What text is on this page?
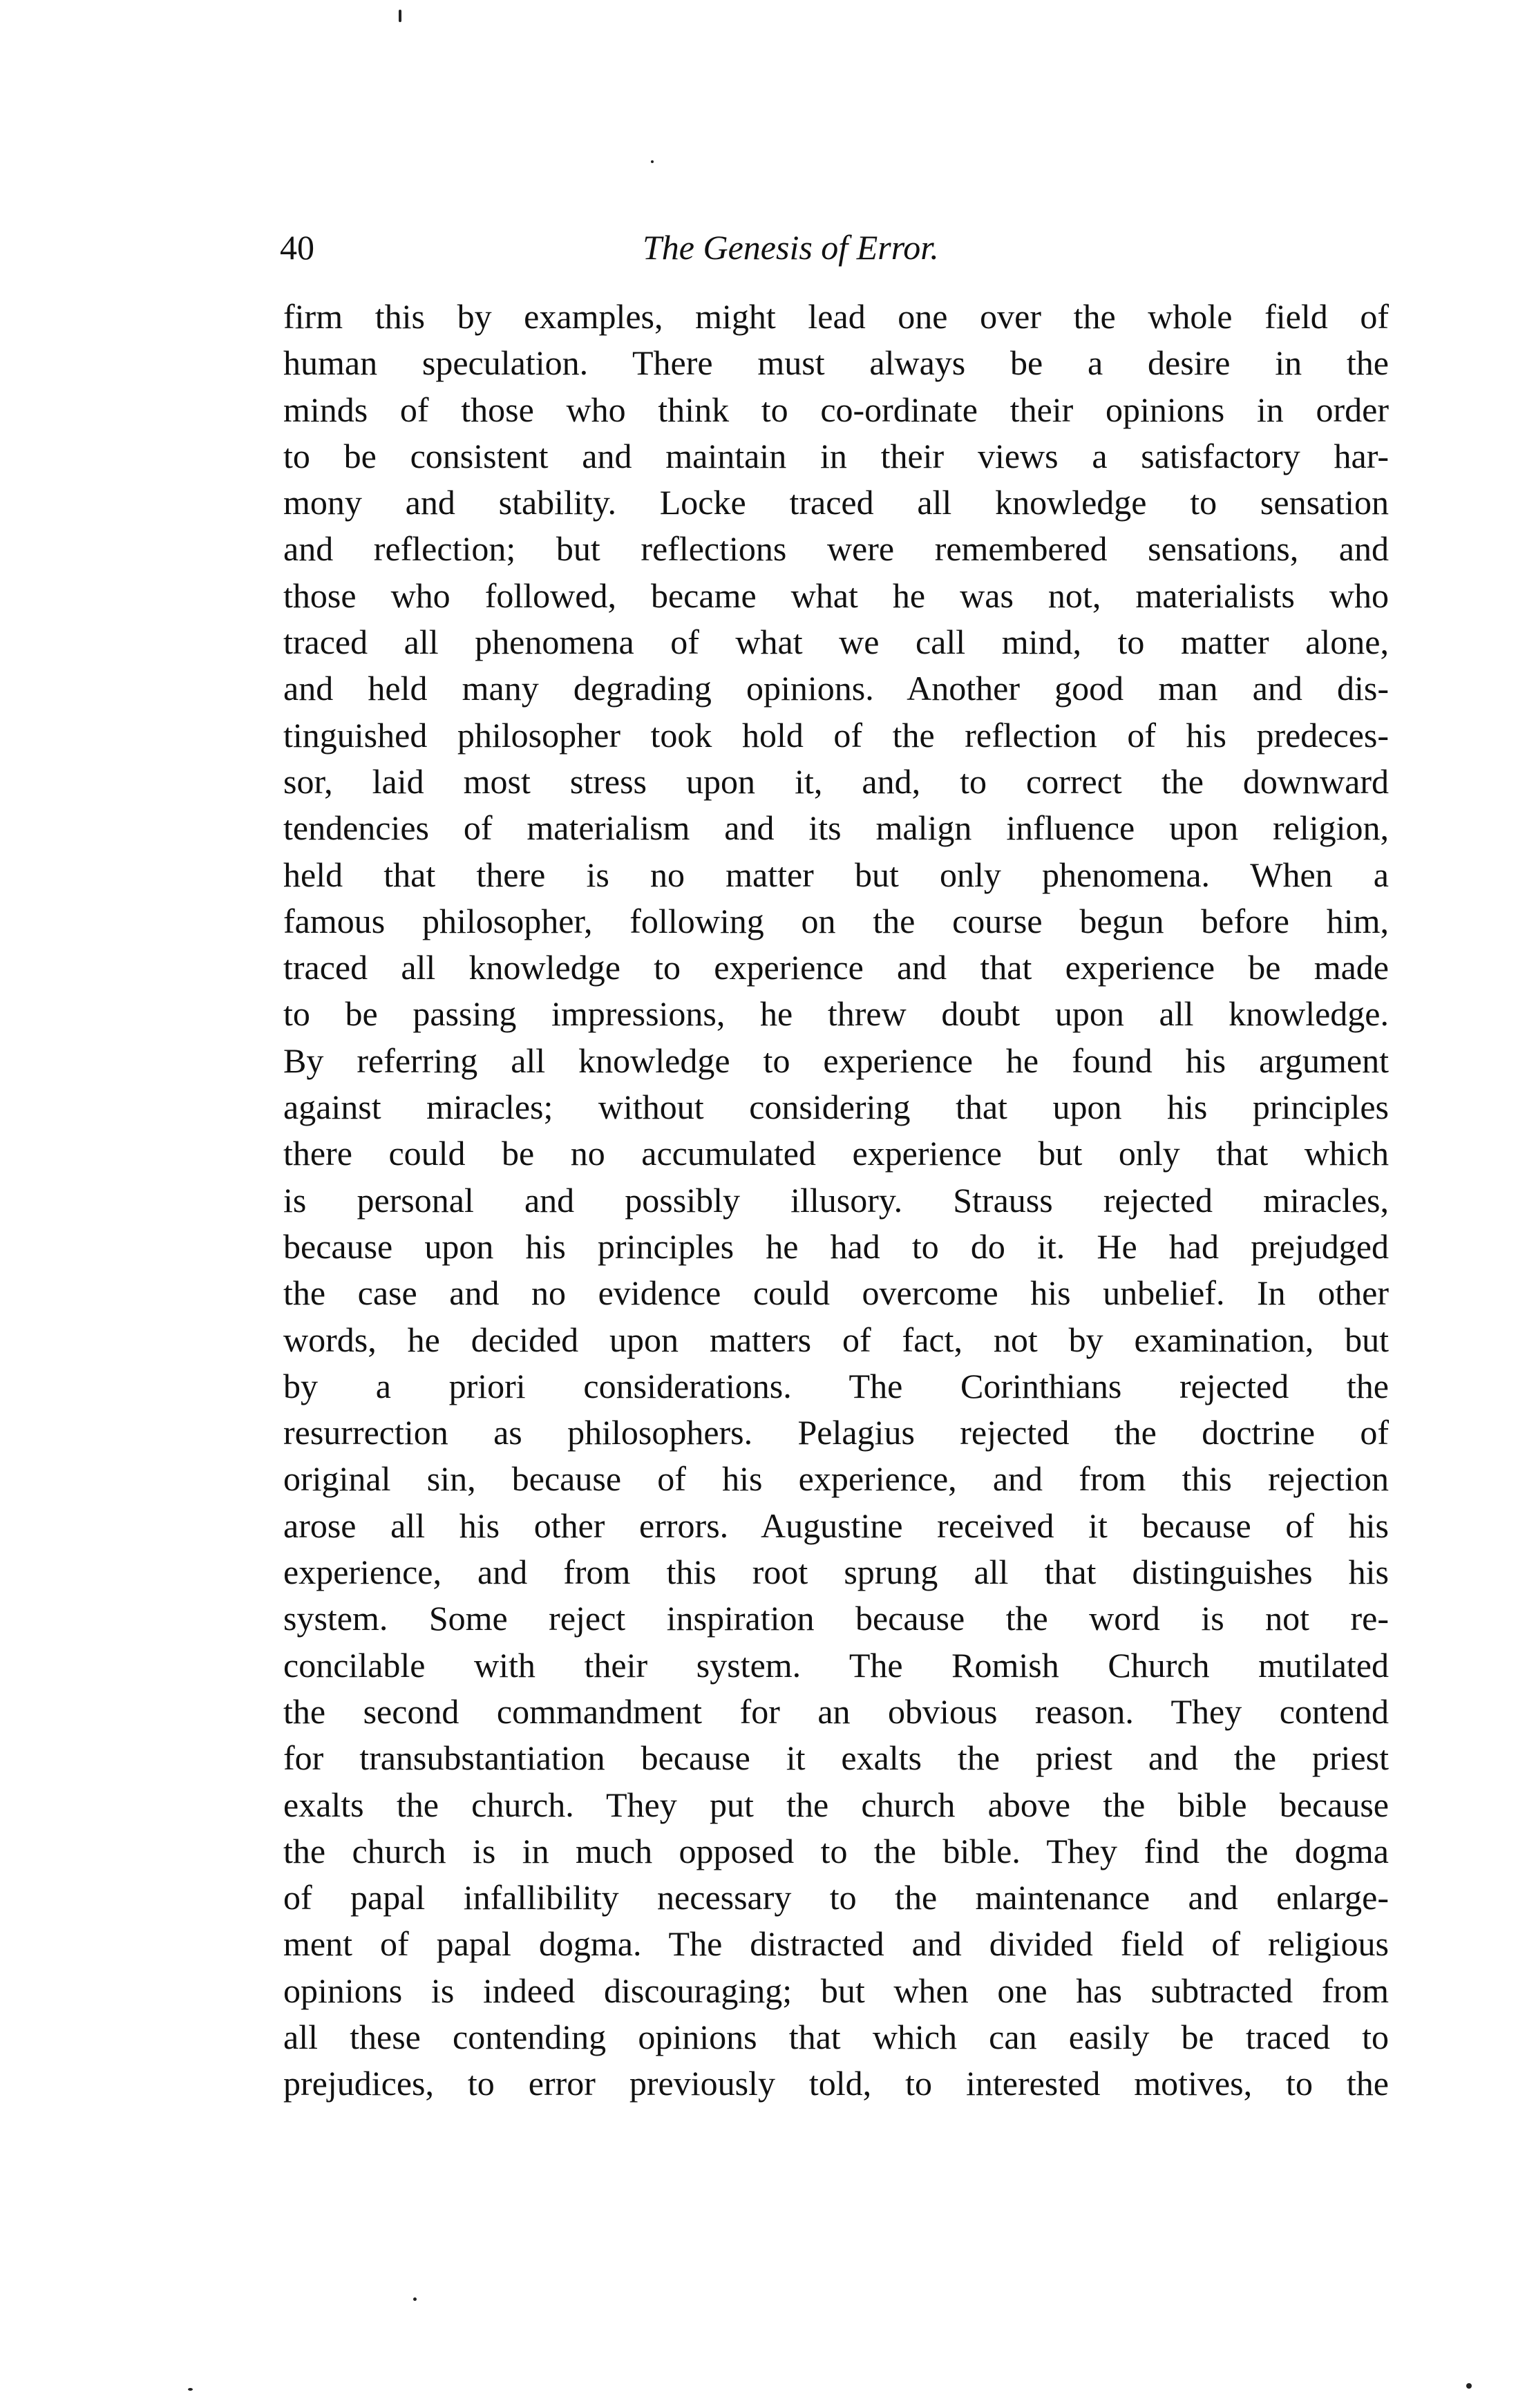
40	The Genesis of Error.
firm this by examples, might lead one over the whole field of
human speculation. There must always be a desire in the
minds of those who think to co-ordinate their opinions in order
to be consistent and maintain in their views a satisfactory har-
mony and stability. Locke traced all knowledge to sensation
and reflection; but reflections were remembered sensations, and
those who followed, became what he was not, materialists who
traced all phenomena of what we call mind, to matter alone,
and held many degrading opinions. Another good man and dis-
tinguished philosopher took hold of the reflection of his predeces-
sor, laid most stress upon it, and, to correct the downward
tendencies of materialism and its malign influence upon religion,
held that there is no matter but only phenomena. When a
famous philosopher, following on the course begun before him,
traced all knowledge to experience and that experience be made
to be passing impressions, he threw doubt upon all knowledge.
By referring all knowledge to experience he found his argument
against miracles; without considering that upon his principles
there could be no accumulated experience but only that which
is personal and possibly illusory. Strauss rejected miracles,
because upon his principles he had to do it. He had prejudged
the case and no evidence could overcome his unbelief. In other
words, he decided upon matters of fact, not by examination, but
by a priori considerations. The Corinthians rejected the
resurrection as philosophers. Pelagius rejected the doctrine of
original sin, because of his experience, and from this rejection
arose all his other errors. Augustine received it because of his
experience, and from this root sprung all that distinguishes his
system. Some reject inspiration because the word is not re-
concilable with their system. The Romish Church mutilated
the second commandment for an obvious reason. They contend
for transubstantiation because it exalts the priest and the priest
exalts the church. They put the church above the bible because
the church is in much opposed to the bible. They find the dogma
of papal infallibility necessary to the maintenance and enlarge-
ment of papal dogma. The distracted and divided field of religious
opinions is indeed discouraging; but when one has subtracted from
all these contending opinions that which can easily be traced to
prejudices, to error previously told, to interested motives, to the
